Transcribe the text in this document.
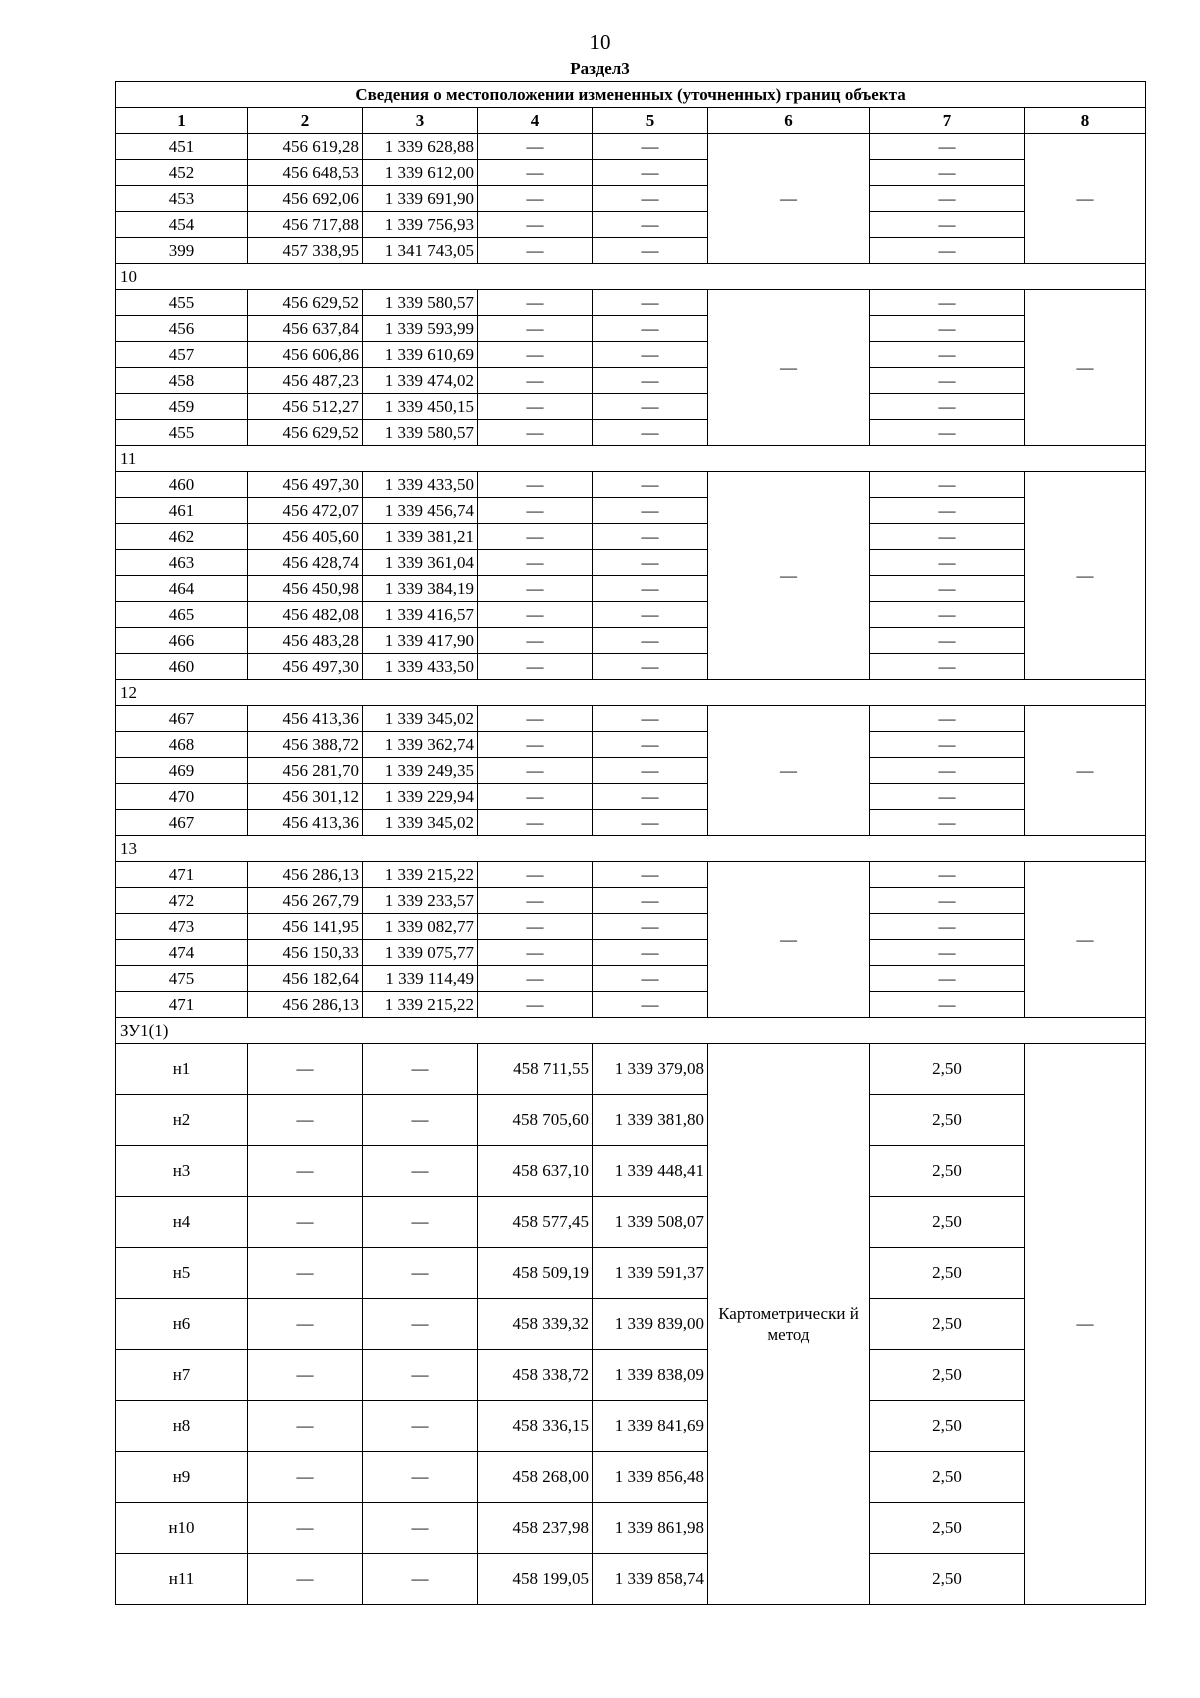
10
Раздел3
Сведения о местоположении измененных (уточненных) границ объекта							
1	2	3	4	5	6	7	8
451	456 619,28	1 339 628,88	—	—	—	—	—
452	456 648,53	1 339 612,00	—	—		—	
453	456 692,06	1 339 691,90	—	—		—	
454	456 717,88	1 339 756,93	—	—		—	
399	457 338,95	1 341 743,05	—	—		—	
10							
455	456 629,52	1 339 580,57	—	—	—	—	—
456	456 637,84	1 339 593,99	—	—		—	
457	456 606,86	1 339 610,69	—	—		—	
458	456 487,23	1 339 474,02	—	—		—	
459	456 512,27	1 339 450,15	—	—		—	
455	456 629,52	1 339 580,57	—	—		—	
11							
460	456 497,30	1 339 433,50	—	—	—	—	—
461	456 472,07	1 339 456,74	—	—		—	
462	456 405,60	1 339 381,21	—	—		—	
463	456 428,74	1 339 361,04	—	—		—	
464	456 450,98	1 339 384,19	—	—		—	
465	456 482,08	1 339 416,57	—	—		—	
466	456 483,28	1 339 417,90	—	—		—	
460	456 497,30	1 339 433,50	—	—		—	
12							
467	456 413,36	1 339 345,02	—	—	—	—	—
468	456 388,72	1 339 362,74	—	—		—	
469	456 281,70	1 339 249,35	—	—		—	
470	456 301,12	1 339 229,94	—	—		—	
467	456 413,36	1 339 345,02	—	—		—	
13							
471	456 286,13	1 339 215,22	—	—	—	—	—
472	456 267,79	1 339 233,57	—	—		—	
473	456 141,95	1 339 082,77	—	—		—	
474	456 150,33	1 339 075,77	—	—		—	
475	456 182,64	1 339 114,49	—	—		—	
471	456 286,13	1 339 215,22	—	—		—	
ЗУ1(1)							
н1	—	—	458 711,55	1 339 379,08	Картометрически й метод	2,50	—
н2	—	—	458 705,60	1 339 381,80		2,50	
н3	—	—	458 637,10	1 339 448,41		2,50	
н4	—	—	458 577,45	1 339 508,07		2,50	
н5	—	—	458 509,19	1 339 591,37		2,50	
н6	—	—	458 339,32	1 339 839,00		2,50	
н7	—	—	458 338,72	1 339 838,09		2,50	
н8	—	—	458 336,15	1 339 841,69		2,50	
н9	—	—	458 268,00	1 339 856,48		2,50	
н10	—	—	458 237,98	1 339 861,98		2,50	
н11	—	—	458 199,05	1 339 858,74		2,50	
